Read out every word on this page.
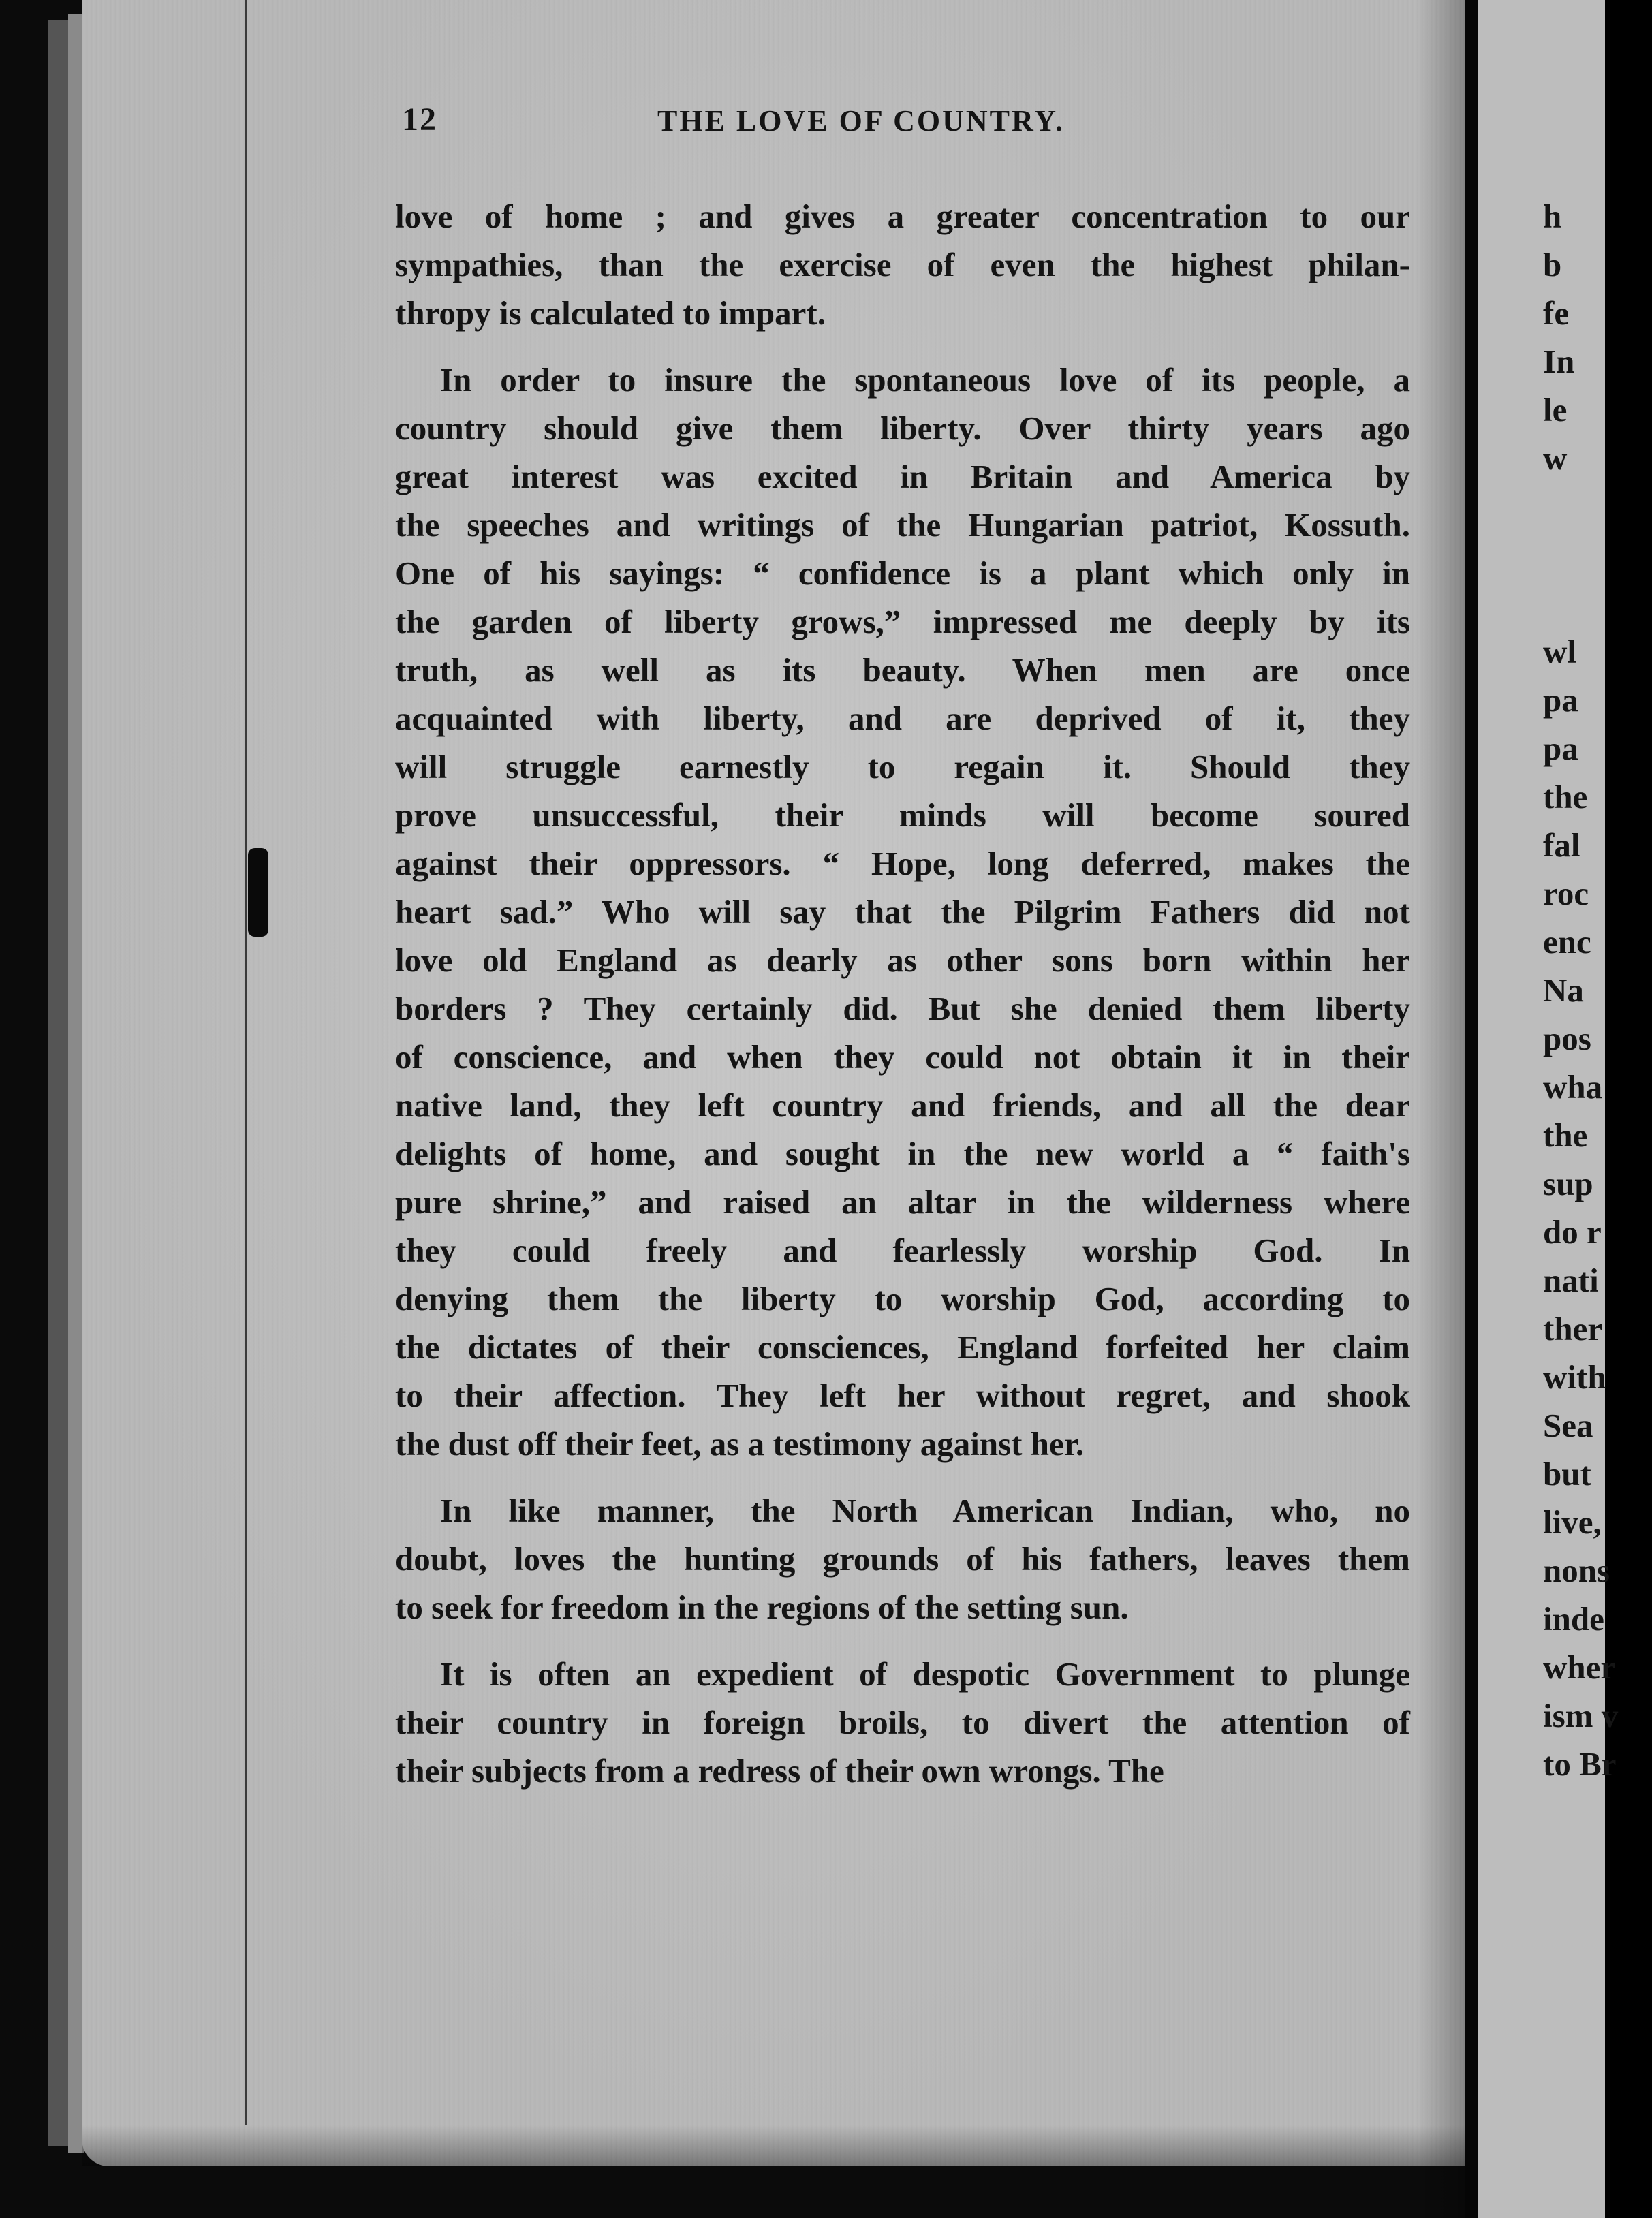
12	THE LOVE OF COUNTRY.
love of home ; and gives a greater concentration to our
sympathies, than the exercise of even the highest philan-
thropy is calculated to impart.
In order to insure the spontaneous love of its people, a
country should give them liberty. Over thirty years ago
great interest was excited in Britain and America by
the speeches and writings of the Hungarian patriot, Kossuth.
One of his sayings: “ confidence is a plant which only in
the garden of liberty grows,” impressed me deeply by its
truth, as well as its beauty. When men are once
acquainted with liberty, and are deprived of it, they
will struggle earnestly to regain it. Should they
prove unsuccessful, their minds will become soured
against their oppressors. “ Hope, long deferred, makes the
heart sad.” Who will say that the Pilgrim Fathers did not
love old England as dearly as other sons born within her
borders ? They certainly did. But she denied them liberty
of conscience, and when they could not obtain it in their
native land, they left country and friends, and all the dear
delights of home, and sought in the new world a “ faith's
pure shrine,” and raised an altar in the wilderness where
they could freely and fearlessly worship God. In
denying them the liberty to worship God, according to
the dictates of their consciences, England forfeited her claim
to their affection. They left her without regret, and shook
the dust off their feet, as a testimony against her.
In like manner, the North American Indian, who, no
doubt, loves the hunting grounds of his fathers, leaves them
to seek for freedom in the regions of the setting sun.
It is often an expedient of despotic Government to plunge
their country in foreign broils, to divert the attention of
their subjects from a redress of their own wrongs. The
h
b
fe
In
le
w
wl
pa
pa
the
fal
roc
enc
Na
pos
wha
the
sup
do r
nati
ther
with
Sea
but
live,
nons
inde
wher
ism v
to Br
